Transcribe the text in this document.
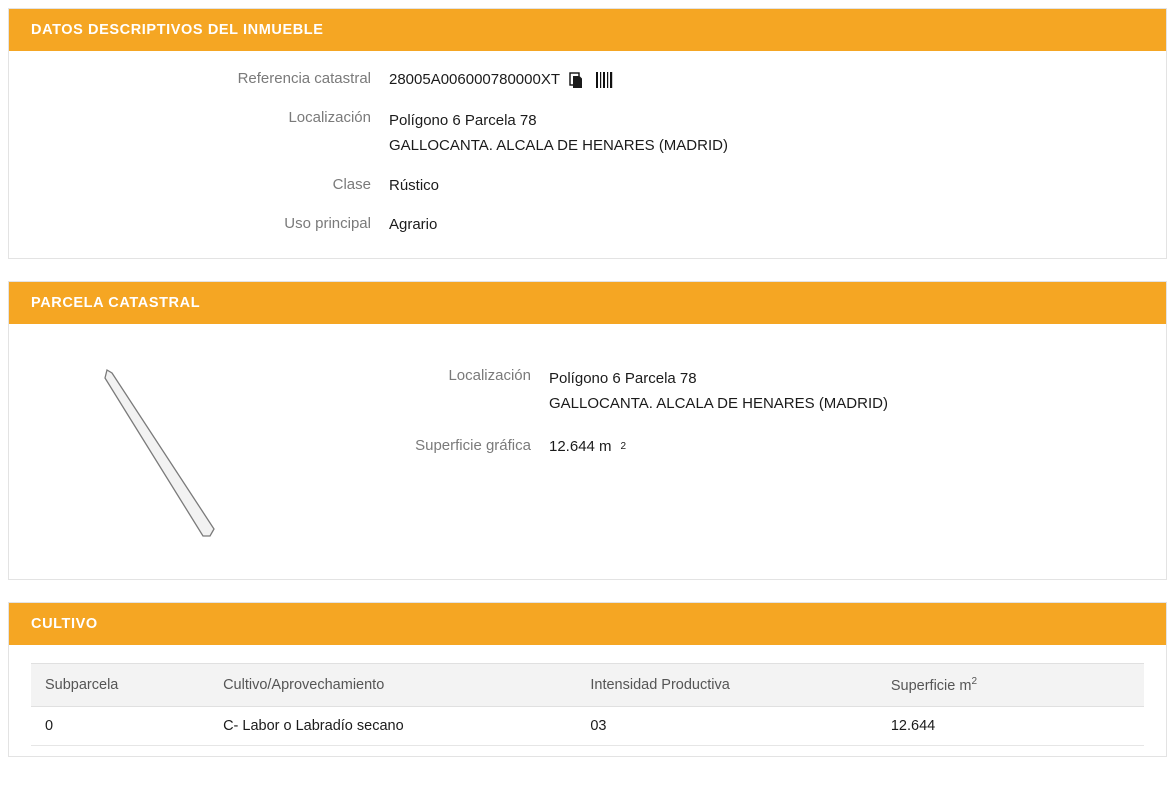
DATOS DESCRIPTIVOS DEL INMUEBLE
Referencia catastral	28005A006000780000XT
Localización	Polígono 6 Parcela 78
GALLOCANTA. ALCALA DE HENARES (MADRID)
Clase	Rústico
Uso principal	Agrario
PARCELA CATASTRAL
Localización	Polígono 6 Parcela 78
GALLOCANTA. ALCALA DE HENARES (MADRID)
Superficie gráfica	12.644 m 2
CULTIVO
Subparcela	Cultivo/Aprovechamiento	Intensidad Productiva	Superficie $m^2$
0	C- Labor o Labradío secano	03	12.644
